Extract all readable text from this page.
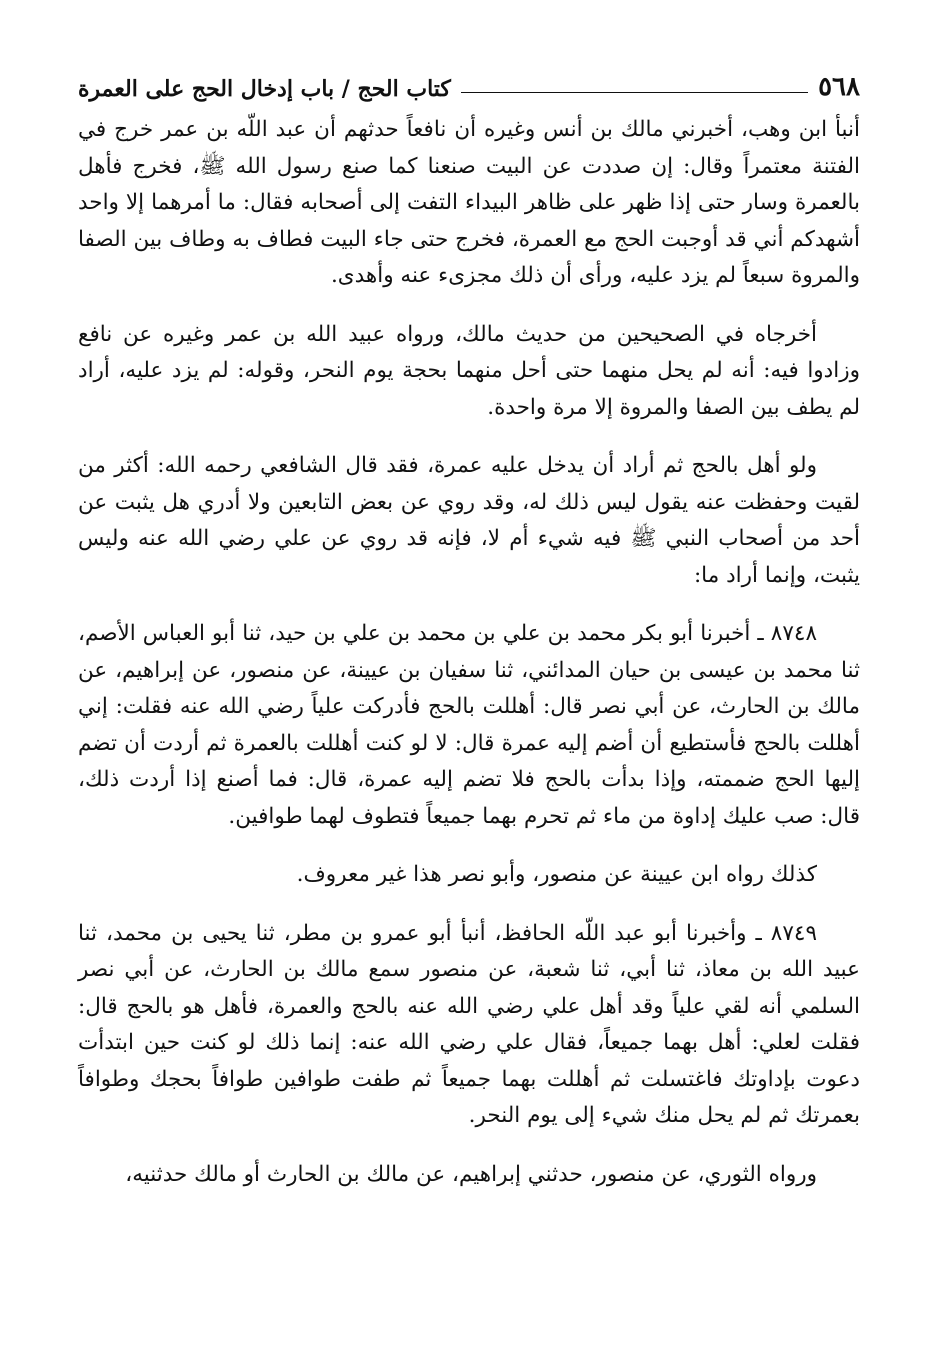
٥٦٨
كتاب الحج / باب إدخال الحج على العمرة

أنبأ ابن وهب، أخبرني مالك بن أنس وغيره أن نافعاً حدثهم أن عبد اللّه بن عمر خرج في الفتنة معتمراً وقال: إن صددت عن البيت صنعنا كما صنع رسول الله ﷺ، فخرج فأهل بالعمرة وسار حتى إذا ظهر على ظاهر البيداء التفت إلى أصحابه فقال: ما أمرهما إلا واحد أشهدكم أني قد أوجبت الحج مع العمرة، فخرج حتى جاء البيت فطاف به وطاف بين الصفا والمروة سبعاً لم يزد عليه، ورأى أن ذلك مجزىء عنه وأهدى.

أخرجاه في الصحيحين من حديث مالك، ورواه عبيد الله بن عمر وغيره عن نافع وزادوا فيه: أنه لم يحل منهما حتى أحل منهما بحجة يوم النحر، وقوله: لم يزد عليه، أراد لم يطف بين الصفا والمروة إلا مرة واحدة.

ولو أهل بالحج ثم أراد أن يدخل عليه عمرة، فقد قال الشافعي رحمه الله: أكثر من لقيت وحفظت عنه يقول ليس ذلك له، وقد روي عن بعض التابعين ولا أدري هل يثبت عن أحد من أصحاب النبي ﷺ فيه شيء أم لا، فإنه قد روي عن علي رضي الله عنه وليس يثبت، وإنما أراد ما:

٨٧٤٨ ـ أخبرنا أبو بكر محمد بن علي بن محمد بن علي بن حيد، ثنا أبو العباس الأصم، ثنا محمد بن عيسى بن حيان المدائني، ثنا سفيان بن عيينة، عن منصور، عن إبراهيم، عن مالك بن الحارث، عن أبي نصر قال: أهللت بالحج فأدركت علياً رضي الله عنه فقلت: إني أهللت بالحج فأستطيع أن أضم إليه عمرة قال: لا لو كنت أهللت بالعمرة ثم أردت أن تضم إليها الحج ضممته، وإذا بدأت بالحج فلا تضم إليه عمرة، قال: فما أصنع إذا أردت ذلك، قال: صب عليك إداوة من ماء ثم تحرم بهما جميعاً فتطوف لهما طوافين.

كذلك رواه ابن عيينة عن منصور، وأبو نصر هذا غير معروف.

٨٧٤٩ ـ وأخبرنا أبو عبد اللّه الحافظ، أنبأ أبو عمرو بن مطر، ثنا يحيى بن محمد، ثنا عبيد الله بن معاذ، ثنا أبي، ثنا شعبة، عن منصور سمع مالك بن الحارث، عن أبي نصر السلمي أنه لقي علياً وقد أهل علي رضي الله عنه بالحج والعمرة، فأهل هو بالحج قال: فقلت لعلي: أهل بهما جميعاً، فقال علي رضي الله عنه: إنما ذلك لو كنت حين ابتدأت دعوت بإداوتك فاغتسلت ثم أهللت بهما جميعاً ثم طفت طوافين طوافاً بحجك وطوافاً بعمرتك ثم لم يحل منك شيء إلى يوم النحر.

ورواه الثوري، عن منصور، حدثني إبراهيم، عن مالك بن الحارث أو مالك حدثنيه،
